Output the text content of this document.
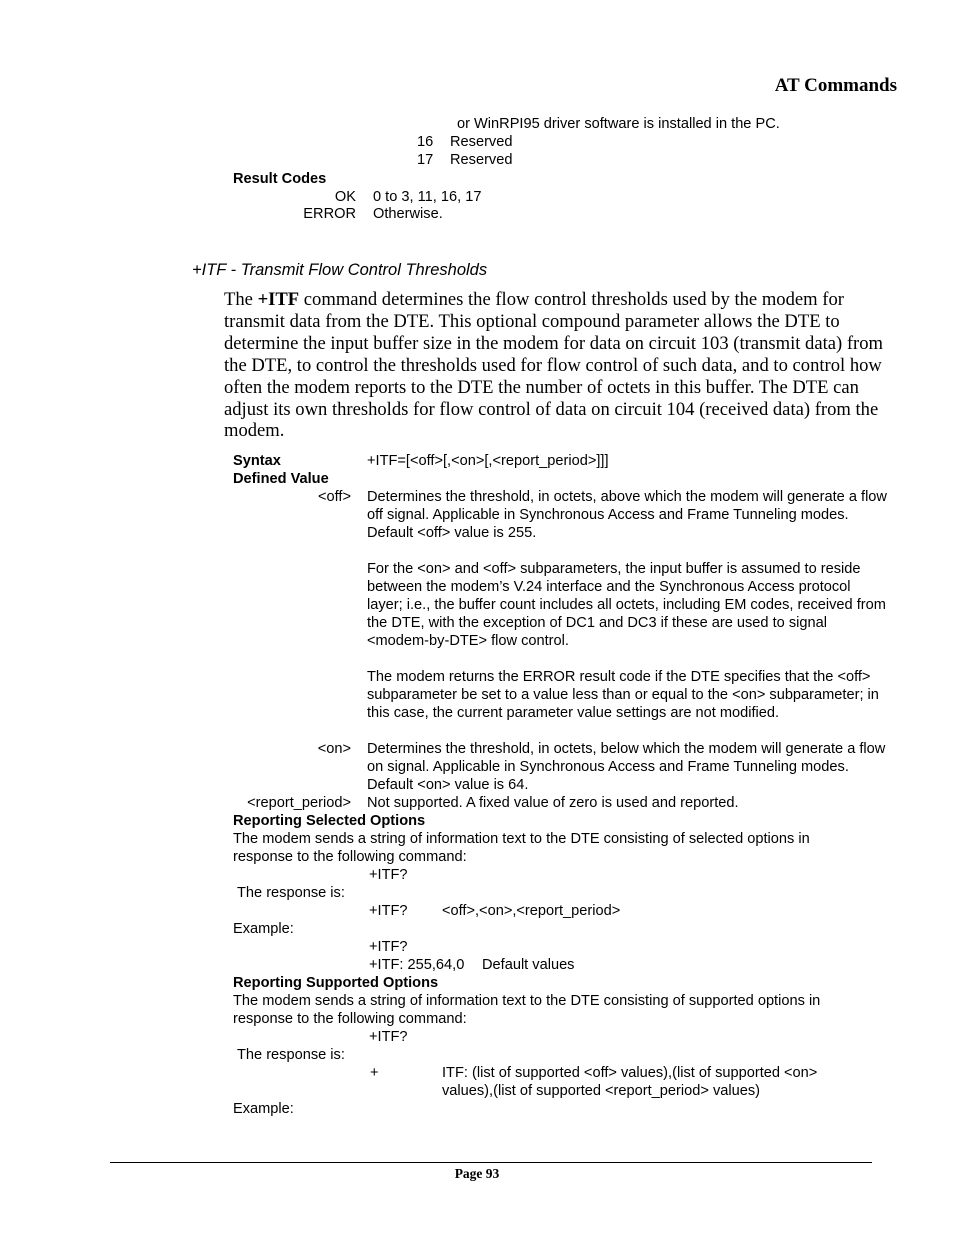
AT Commands
or WinRPI95 driver software is installed in the PC.
16 Reserved
17 Reserved
Result Codes
OK 0 to 3, 11, 16, 17
ERROR Otherwise.
+ITF - Transmit Flow Control Thresholds

The +ITF command determines the flow control thresholds used by the modem for transmit data from the DTE. This optional compound parameter allows the DTE to determine the input buffer size in the modem for data on circuit 103 (transmit data) from the DTE, to control the thresholds used for flow control of such data, and to control how often the modem reports to the DTE the number of octets in this buffer. The DTE can adjust its own thresholds for flow control of data on circuit 104 (received data) from the modem.

Syntax	+ITF=[<off>[,<on>[,<report_period>]]]
Defined Value
<off> Determines the threshold, in octets, above which the modem will generate a flow off signal. Applicable in Synchronous Access and Frame Tunneling modes. Default <off> value is 255.
For the <on> and <off> subparameters, the input buffer is assumed to reside between the modem’s V.24 interface and the Synchronous Access protocol layer; i.e., the buffer count includes all octets, including EM codes, received from the DTE, with the exception of DC1 and DC3 if these are used to signal <modem-by-DTE> flow control.
The modem returns the ERROR result code if the DTE specifies that the <off> subparameter be set to a value less than or equal to the <on> subparameter; in this case, the current parameter value settings are not modified.
<on> Determines the threshold, in octets, below which the modem will generate a flow on signal. Applicable in Synchronous Access and Frame Tunneling modes. Default <on> value is 64.
<report_period> Not supported. A fixed value of zero is used and reported.
Reporting Selected Options
The modem sends a string of information text to the DTE consisting of selected options in response to the following command:
+ITF?
The response is:
+ITF? <off>,<on>,<report_period>
Example:
+ITF?
+ITF: 255,64,0 Default values
Reporting Supported Options
The modem sends a string of information text to the DTE consisting of supported options in response to the following command:
+ITF?
The response is:
+	ITF: (list of supported <off> values),(list of supported <on>
values),(list of supported <report_period> values)
Example:
Page 93
